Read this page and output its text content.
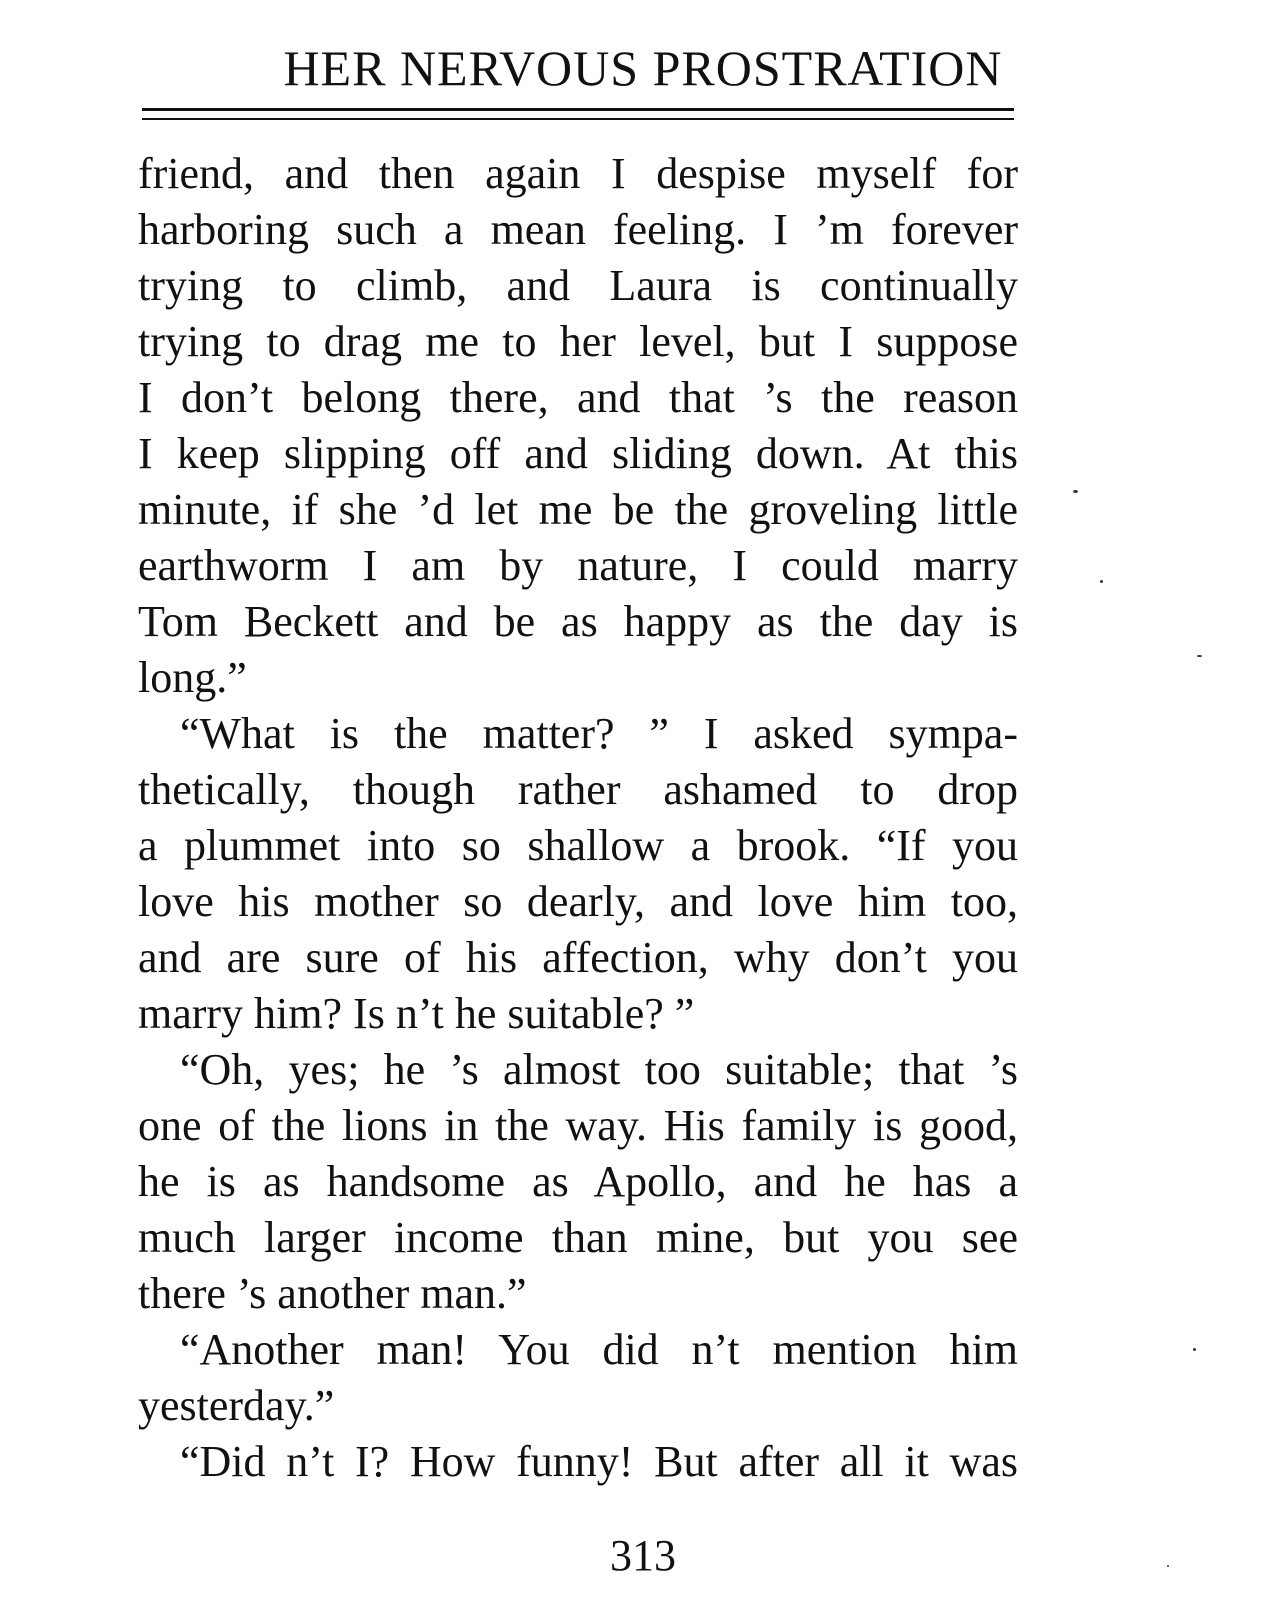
HER NERVOUS PROSTRATION
friend, and then again I despise myself for
harboring such a mean feeling. I ’m forever
trying to climb, and Laura is continually
trying to drag me to her level, but I suppose
I don’t belong there, and that ’s the reason
I keep slipping off and sliding down. At this
minute, if she ’d let me be the groveling little
earthworm I am by nature, I could marry
Tom Beckett and be as happy as the day is
long.”
“What is the matter? ” I asked sympa-
thetically, though rather ashamed to drop
a plummet into so shallow a brook. “If you
love his mother so dearly, and love him too,
and are sure of his affection, why don’t you
marry him? Is n’t he suitable? ”
“Oh, yes; he ’s almost too suitable; that ’s
one of the lions in the way. His family is good,
he is as handsome as Apollo, and he has a
much larger income than mine, but you see
there ’s another man.”
“Another man! You did n’t mention him
yesterday.”
“Did n’t I? How funny! But after all it was
313
